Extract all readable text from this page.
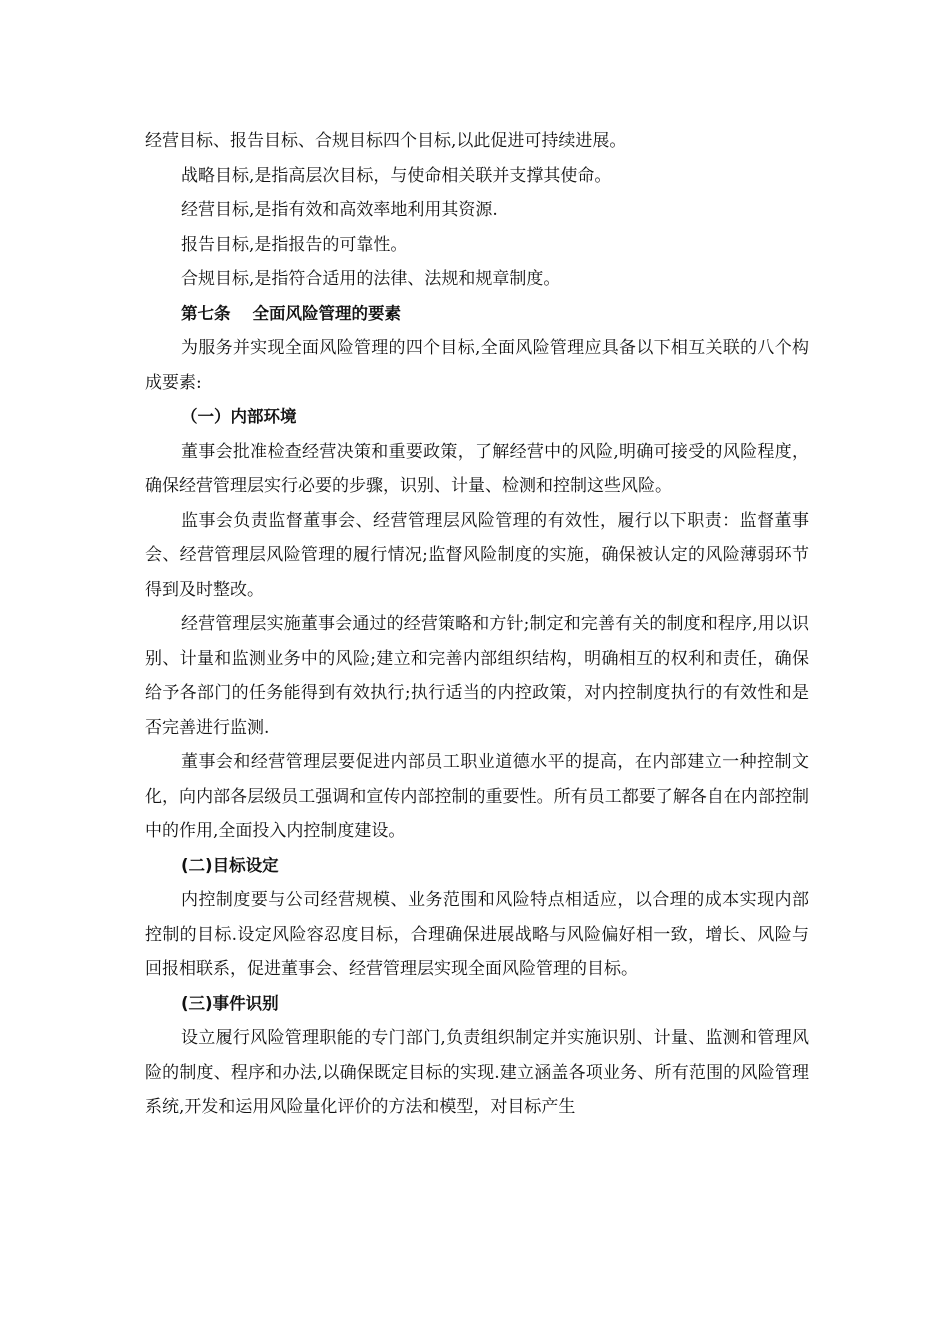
经营目标、报告目标、合规目标四个目标,以此促进可持续进展。

战略目标,是指高层次目标，与使命相关联并支撑其使命。

经营目标,是指有效和高效率地利用其资源.

报告目标,是指报告的可靠性。

合规目标,是指符合适用的法律、法规和规章制度。

第七条 全面风险管理的要素

为服务并实现全面风险管理的四个目标,全面风险管理应具备以下相互关联的八个构成要素:

（一）内部环境

董事会批准检查经营决策和重要政策，了解经营中的风险,明确可接受的风险程度，确保经营管理层实行必要的步骤，识别、计量、检测和控制这些风险。

监事会负责监督董事会、经营管理层风险管理的有效性，履行以下职责：监督董事会、经营管理层风险管理的履行情况;监督风险制度的实施，确保被认定的风险薄弱环节得到及时整改。

经营管理层实施董事会通过的经营策略和方针;制定和完善有关的制度和程序,用以识别、计量和监测业务中的风险;建立和完善内部组织结构，明确相互的权利和责任，确保给予各部门的任务能得到有效执行;执行适当的内控政策，对内控制度执行的有效性和是否完善进行监测.

董事会和经营管理层要促进内部员工职业道德水平的提高，在内部建立一种控制文化，向内部各层级员工强调和宣传内部控制的重要性。所有员工都要了解各自在内部控制中的作用,全面投入内控制度建设。

(二)目标设定

内控制度要与公司经营规模、业务范围和风险特点相适应，以合理的成本实现内部控制的目标.设定风险容忍度目标，合理确保进展战略与风险偏好相一致，增长、风险与回报相联系，促进董事会、经营管理层实现全面风险管理的目标。

(三)事件识别

设立履行风险管理职能的专门部门,负责组织制定并实施识别、计量、监测和管理风险的制度、程序和办法,以确保既定目标的实现.建立涵盖各项业务、所有范围的风险管理系统,开发和运用风险量化评价的方法和模型，对目标产生
